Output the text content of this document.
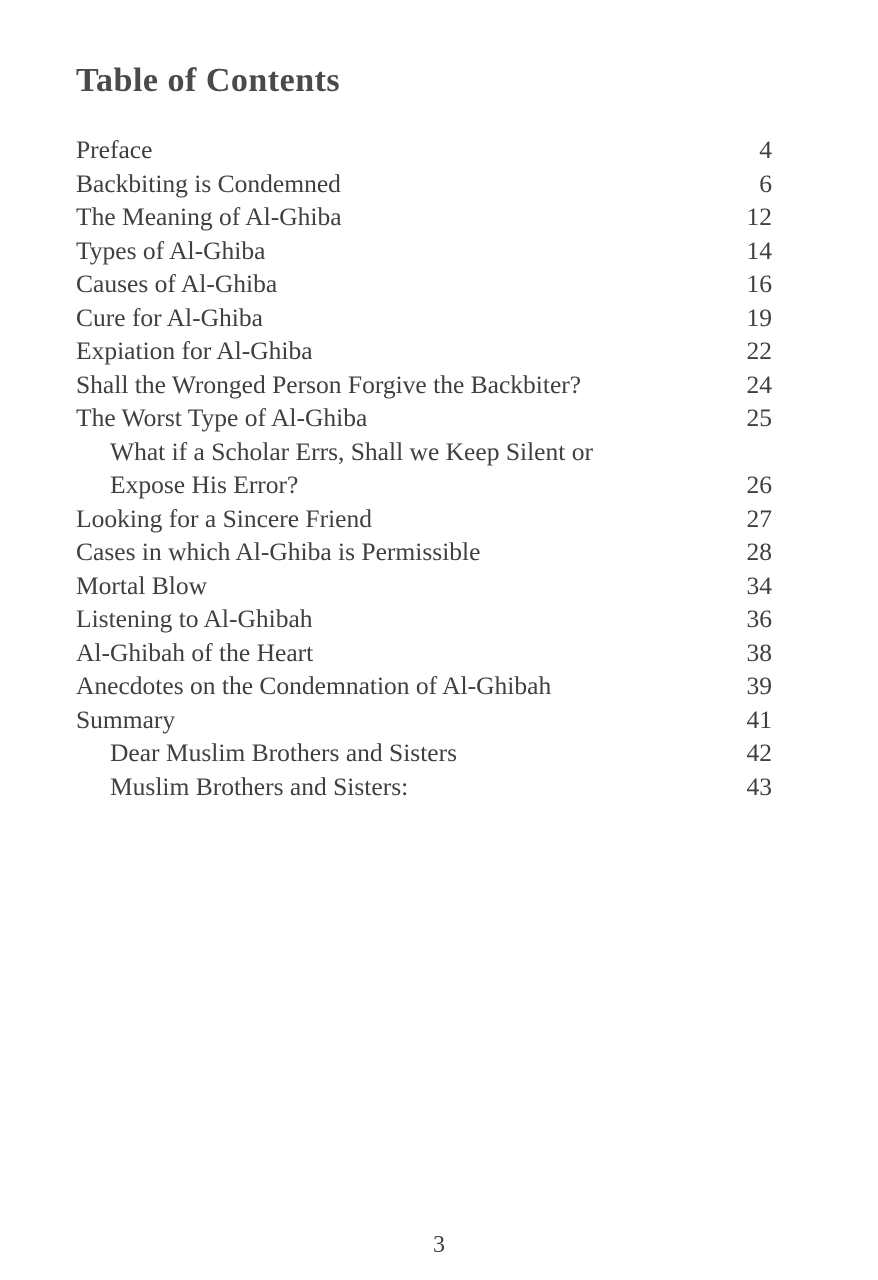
Table of Contents
Preface	4
Backbiting is Condemned	6
The Meaning of Al-Ghiba	12
Types of Al-Ghiba	14
Causes of Al-Ghiba	16
Cure for Al-Ghiba	19
Expiation for Al-Ghiba	22
Shall the Wronged Person Forgive the Backbiter?	24
The Worst Type of Al-Ghiba	25
What if a Scholar Errs, Shall we Keep Silent or
Expose His Error?	26
Looking for a Sincere Friend	27
Cases in which Al-Ghiba is Permissible	28
Mortal Blow	34
Listening to Al-Ghibah	36
Al-Ghibah of the Heart	38
Anecdotes on the Condemnation of Al-Ghibah	39
Summary	41
Dear Muslim Brothers and Sisters	42
Muslim Brothers and Sisters:	43
3
